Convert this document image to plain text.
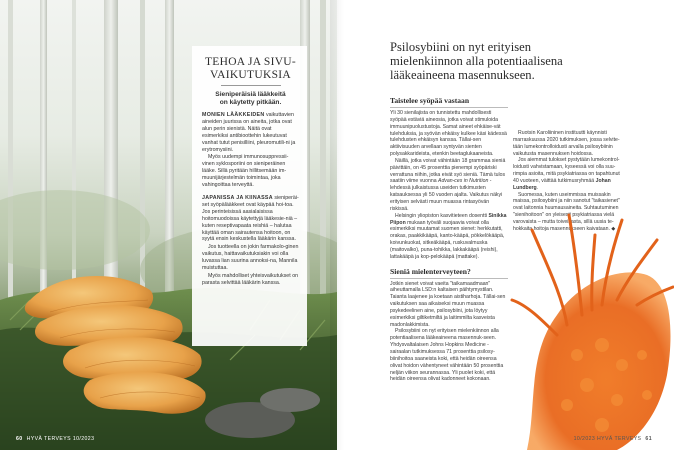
TEHOA JA SIVU-
VAIKUTUKSIA
Sieniperäisiä lääkkeitä
on käytetty pitkään.

MONIEN LÄÄKKEIDEN vaikuttavien aineiden juurissa on aineita, jotka ovat alun perin sienistä. Näitä ovat esimerkiksi antibioottehin lukeutuvat vanhat tutut penisilliini, pleuromutili-ni ja erytromysiini.

Myös uudempi immunosuppressii-vinen syklosporiini on sieniperäinen lääke. Sillä pyritään hillitsemään im-muunijärjestelmän toimintaa, joka vahingoittaa terveyttä.

JAPANISSA JA KIINASSA sieniperäi-set syöpälääkkeet ovat käypää hoi-toa. Jos perinteisissä aasialaisissa hoitomuodoissa käytettyjä lääkesie-niä – kuten reseptivapaata reishiä – halutaa käyttää oman sairautensa hoitoon, on syytä ensin keskustella lääkärin kanssa.

Jos tuotteella on jokin farmakolo-ginen vaikutus, haittavaikutuksiakin voi olla luvassa lian suurina annoksi-na, Mannila muistuttaa.

Myös mahdolliset yhteisvaikutukset on parasta selvittää lääkärin kanssa.

60 HYVÄ TERVEYS 10/2023
Psilosybiini on nyt erityisen
mielenkiinnon alla potentiaalisena
lääkeaineena masennukseen.
Taistelee syöpää vastaan

Yli 30 sienilajista on tunnistettu mahdollisesti syöpää estäviä aineosia, jotka voivat stimuloida immuunipuolustustoja. Samat aineet ehkäise-vät tulehduksia, ja syövän ehkäisy kulkee käsi kädessä tulehdusten ehkäisyn kanssa. Tällai-sen aktiivisuuden arvellaan syntyvän sienten polysakkarideista, etenkin beetaglukaaneista.

Näillä, jotka voivat vähintään 18 grammaa sieniä päivittäin, on 45 prosenttia pienempi syöpäriski verrattuna niihin, jotka eivät syö sieniä. Tämä tulos saatiin viime vuonna Advan-ces in Nutrition -lehdessä julkaistussa useiden tutkimusten katsauksessa yli 50 vuoden ajalta. Vaikutus näkyi erityisen selvästi muun muassa rintasyövän riskissä.

Helsingin yliopiston kasvitieteen dosentti Sinikka Piipon mukaan työväli suojaavia voivat olla esimerkiksi muutamat suomen sienet: herkkutatti, orakas, paakkikääpä, kanto-kääpä, pökkelökääpä, koivunkuokat, sitkeäkääpä, ruskuvalmuska (maitovalko), puna-tohikka, lakkakääpä (reishi), lattakääpä ja kop-pelokääpä (mattake).

Sieniä mielenterveyteen?

Jotkin sienet voivat vaeita "taikamaadmaan" aiheuttamalla LSD:n kaltaisen päihtymystilan. Taianta laajenee ja koetaan aistiharhoja. Tällai-sen vaikutuksen saa aikaiseksi muun muassa psykedeelinen aine, psilosybiini, jota löytyy esimerkiksi giltiketmiltä ja laitimmilta kasveista madonlakkimista.

Psilosybiini on nyt erityisen mielenkiinnon alla potentiaalisena lääkeaineena masennuk-seen. Yhdysvaltalaisen Johns Hopkins Medicine -sairaalan tutkimuksessa 71 prosenttia psilosy-biinihoitoa saaneista koki, että heidän oireensa olivat hoidon vähentyneet vähintään 50 prosenttia neljän viikon seurannassa. Yli puolet koki, että heidän oireensa olivat kadonneet kokonaan.

Ruotsin Karoliininen instituutti käynnisti marraskuussa 2020 tutkimuksen, jossa selvite-tään lumekontrolloidusti arvalla psilosybiinin vaikutusta masennuksen hoidossa.

Jos aiemmat tulokset pystytään lumekontrol-loidusti vahvistamaan, kyseessä voi olla suu-rimpia asioita, mitä psykiatriassa on tapahtunut 40 vuoteen, väittää tutkimusryhmää Johan Lundberg.

Suomessa, kuten useimmissa muissakin maissa, psilosybiini ja niin sanotut "taikasienet" ovat laitonnia huumausaineita. Suhtautuminen "sienihoitoon" on yleisesti psykiatriassa vielä varovaista – mutta toiveikasta, sillä uusia te-hokkaita hoitoja masennukseen kaivataan. ◆

10/2023 HYVÄ TERVEYS 61
